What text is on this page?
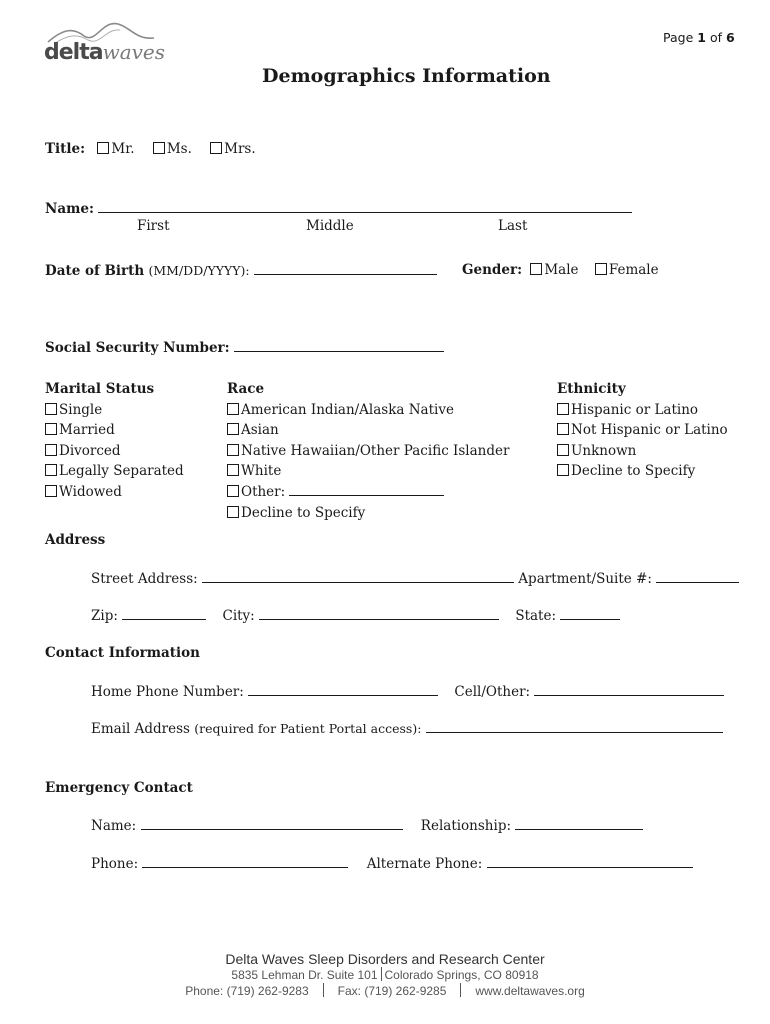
deltawaves
Page 1 of 6
Demographics Information
Title: Mr. Ms. Mrs.
Name:
First	Middle	Last
Date of Birth (MM/DD/YYYY):	Gender: Male Female
Social Security Number:
Marital Status
Single
Married
Divorced
Legally Separated
Widowed
Race
American Indian/Alaska Native
Asian
Native Hawaiian/Other Pacific Islander
White
Other:
Decline to Specify
Ethnicity
Hispanic or Latino
Not Hispanic or Latino
Unknown
Decline to Specify
Address
Street Address:	Apartment/Suite #:
Zip:	City:	State:
Contact Information
Home Phone Number:	Cell/Other:
Email Address (required for Patient Portal access):
Emergency Contact
Name:	Relationship:
Phone:	Alternate Phone:
Delta Waves Sleep Disorders and Research Center
5835 Lehman Dr. Suite 101 Colorado Springs, CO 80918
Phone: (719) 262-9283 Fax: (719) 262-9285 www.deltawaves.org
